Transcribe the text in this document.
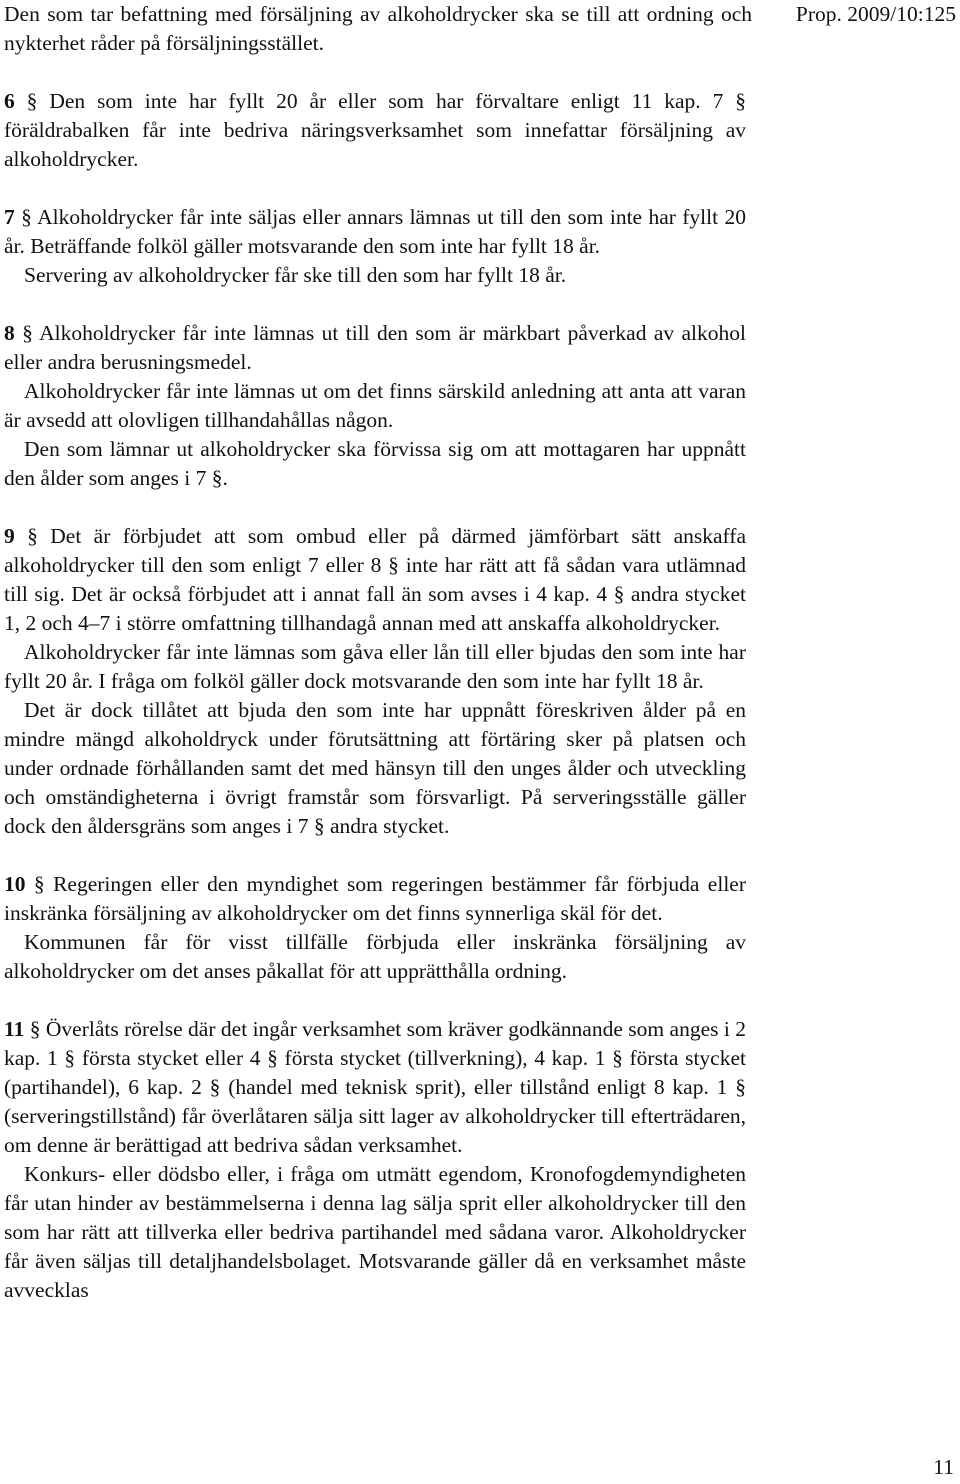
Den som tar befattning med försäljning av alkoholdrycker ska se till att ordning och nykterhet råder på försäljningsstället.
Prop. 2009/10:125

6 § Den som inte har fyllt 20 år eller som har förvaltare enligt 11 kap. 7 § föräldrabalken får inte bedriva näringsverksamhet som innefattar försäljning av alkoholdrycker.

7 § Alkoholdrycker får inte säljas eller annars lämnas ut till den som inte har fyllt 20 år. Beträffande folköl gäller motsvarande den som inte har fyllt 18 år.

Servering av alkoholdrycker får ske till den som har fyllt 18 år.

8 § Alkoholdrycker får inte lämnas ut till den som är märkbart påverkad av alkohol eller andra berusningsmedel.

Alkoholdrycker får inte lämnas ut om det finns särskild anledning att anta att varan är avsedd att olovligen tillhandahållas någon.

Den som lämnar ut alkoholdrycker ska förvissa sig om att mottagaren har uppnått den ålder som anges i 7 §.

9 § Det är förbjudet att som ombud eller på därmed jämförbart sätt anskaffa alkoholdrycker till den som enligt 7 eller 8 § inte har rätt att få sådan vara utlämnad till sig. Det är också förbjudet att i annat fall än som avses i 4 kap. 4 § andra stycket 1, 2 och 4–7 i större omfattning tillhandagå annan med att anskaffa alkoholdrycker.

Alkoholdrycker får inte lämnas som gåva eller lån till eller bjudas den som inte har fyllt 20 år. I fråga om folköl gäller dock motsvarande den som inte har fyllt 18 år.

Det är dock tillåtet att bjuda den som inte har uppnått föreskriven ålder på en mindre mängd alkoholdryck under förutsättning att förtäring sker på platsen och under ordnade förhållanden samt det med hänsyn till den unges ålder och utveckling och omständigheterna i övrigt framstår som försvarligt. På serveringsställe gäller dock den åldersgräns som anges i 7 § andra stycket.

10 § Regeringen eller den myndighet som regeringen bestämmer får förbjuda eller inskränka försäljning av alkoholdrycker om det finns synnerliga skäl för det.

Kommunen får för visst tillfälle förbjuda eller inskränka försäljning av alkoholdrycker om det anses påkallat för att upprätthålla ordning.

11 § Överlåts rörelse där det ingår verksamhet som kräver godkännande som anges i 2 kap. 1 § första stycket eller 4 § första stycket (tillverkning), 4 kap. 1 § första stycket (partihandel), 6 kap. 2 § (handel med teknisk sprit), eller tillstånd enligt 8 kap. 1 § (serveringstillstånd) får överlåtaren sälja sitt lager av alkoholdrycker till efterträdaren, om denne är berättigad att bedriva sådan verksamhet.

Konkurs- eller dödsbo eller, i fråga om utmätt egendom, Kronofogdemyndigheten får utan hinder av bestämmelserna i denna lag sälja sprit eller alkoholdrycker till den som har rätt att tillverka eller bedriva partihandel med sådana varor. Alkoholdrycker får även säljas till detaljhandelsbolaget. Motsvarande gäller då en verksamhet måste avvecklas

11
